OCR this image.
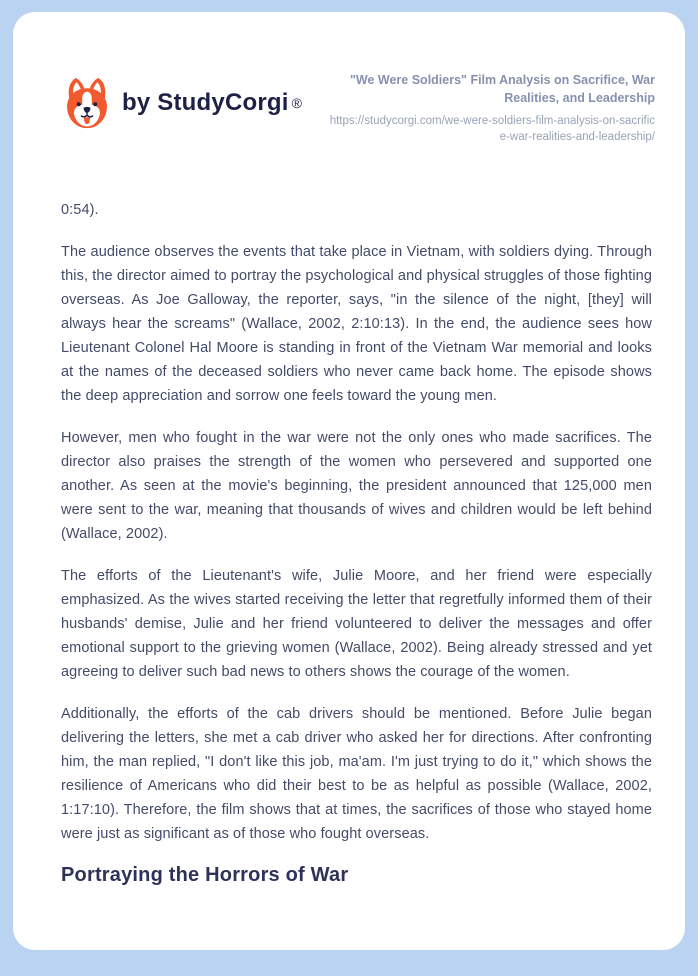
by StudyCorgi ®
"We Were Soldiers" Film Analysis on Sacrifice, War Realities, and Leadership
https://studycorgi.com/we-were-soldiers-film-analysis-on-sacrifice-war-realities-and-leadership/

0:54).

The audience observes the events that take place in Vietnam, with soldiers dying. Through this, the director aimed to portray the psychological and physical struggles of those fighting overseas. As Joe Galloway, the reporter, says, "in the silence of the night, [they] will always hear the screams" (Wallace, 2002, 2:10:13). In the end, the audience sees how Lieutenant Colonel Hal Moore is standing in front of the Vietnam War memorial and looks at the names of the deceased soldiers who never came back home. The episode shows the deep appreciation and sorrow one feels toward the young men.

However, men who fought in the war were not the only ones who made sacrifices. The director also praises the strength of the women who persevered and supported one another. As seen at the movie's beginning, the president announced that 125,000 men were sent to the war, meaning that thousands of wives and children would be left behind (Wallace, 2002).

The efforts of the Lieutenant's wife, Julie Moore, and her friend were especially emphasized. As the wives started receiving the letter that regretfully informed them of their husbands' demise, Julie and her friend volunteered to deliver the messages and offer emotional support to the grieving women (Wallace, 2002). Being already stressed and yet agreeing to deliver such bad news to others shows the courage of the women.

Additionally, the efforts of the cab drivers should be mentioned. Before Julie began delivering the letters, she met a cab driver who asked her for directions. After confronting him, the man replied, "I don't like this job, ma'am. I'm just trying to do it," which shows the resilience of Americans who did their best to be as helpful as possible (Wallace, 2002, 1:17:10). Therefore, the film shows that at times, the sacrifices of those who stayed home were just as significant as of those who fought overseas.

Portraying the Horrors of War
